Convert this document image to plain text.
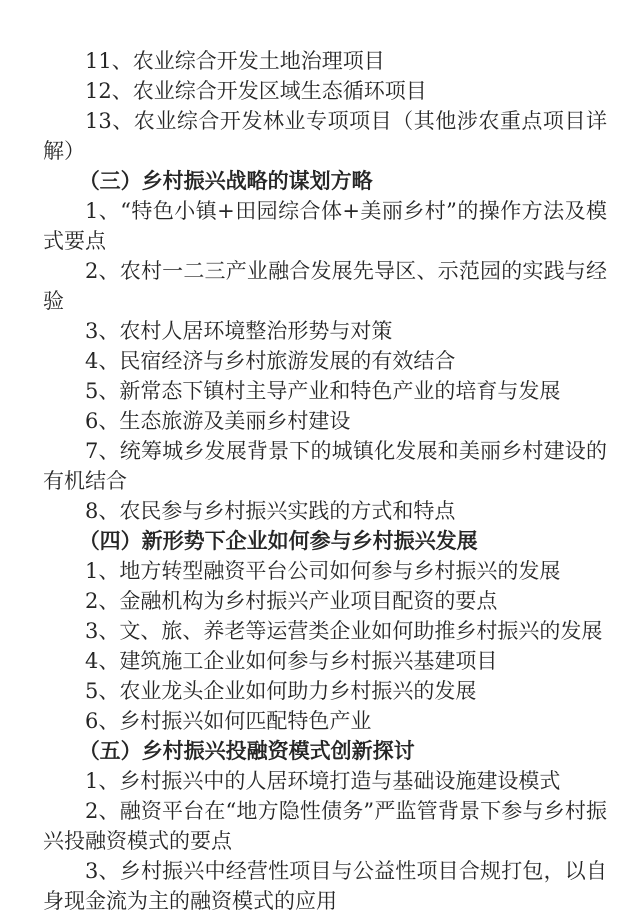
11、农业综合开发土地治理项目

12、农业综合开发区域生态循环项目

13、农业综合开发林业专项项目（其他涉农重点项目详解）

（三）乡村振兴战略的谋划方略

1、“特色小镇+田园综合体+美丽乡村”的操作方法及模式要点

2、农村一二三产业融合发展先导区、示范园的实践与经验

3、农村人居环境整治形势与对策

4、民宿经济与乡村旅游发展的有效结合

5、新常态下镇村主导产业和特色产业的培育与发展

6、生态旅游及美丽乡村建设

7、统筹城乡发展背景下的城镇化发展和美丽乡村建设的有机结合

8、农民参与乡村振兴实践的方式和特点

（四）新形势下企业如何参与乡村振兴发展

1、地方转型融资平台公司如何参与乡村振兴的发展

2、金融机构为乡村振兴产业项目配资的要点

3、文、旅、养老等运营类企业如何助推乡村振兴的发展

4、建筑施工企业如何参与乡村振兴基建项目

5、农业龙头企业如何助力乡村振兴的发展

6、乡村振兴如何匹配特色产业

（五）乡村振兴投融资模式创新探讨

1、乡村振兴中的人居环境打造与基础设施建设模式

2、融资平台在“地方隐性债务”严监管背景下参与乡村振兴投融资模式的要点

3、乡村振兴中经营性项目与公益性项目合规打包，以自身现金流为主的融资模式的应用
